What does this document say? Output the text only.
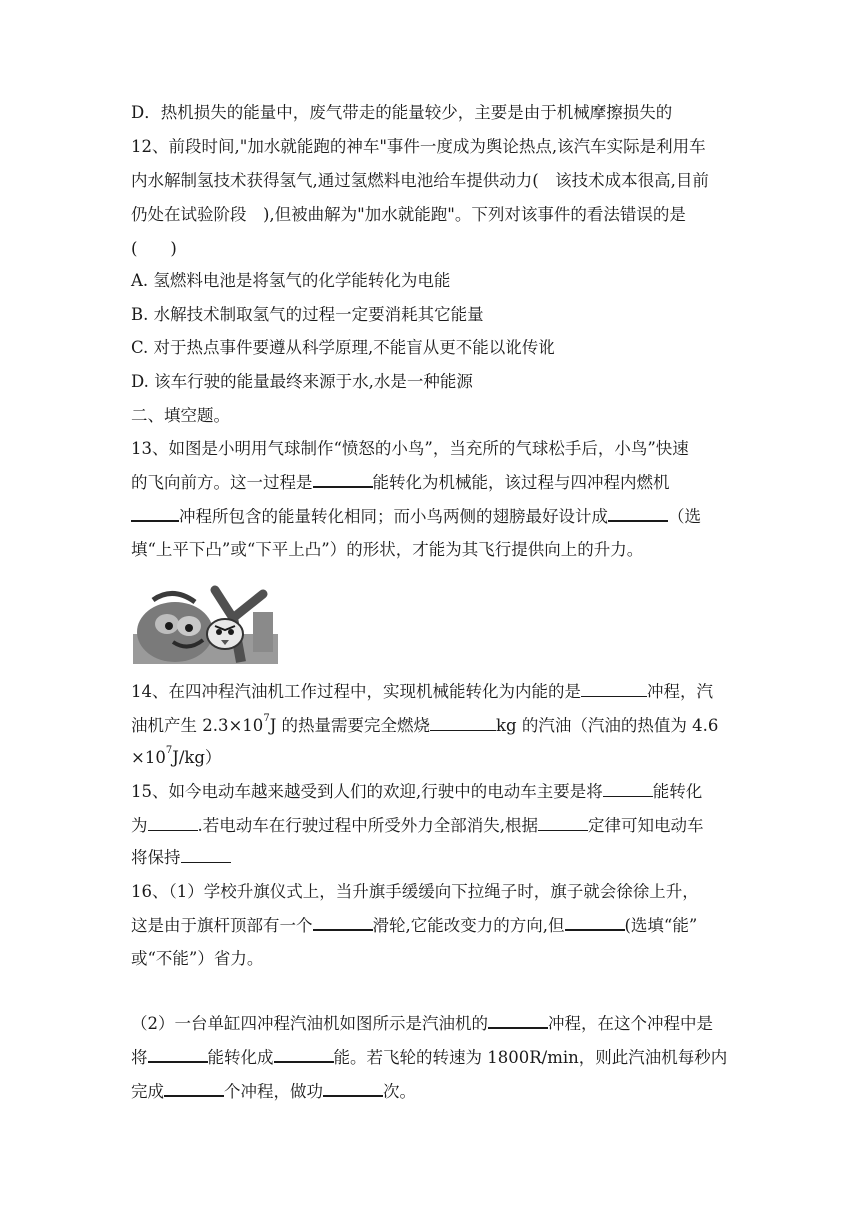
D．热机损失的能量中，废气带走的能量较少，主要是由于机械摩擦损失的
12、前段时间,"加水就能跑的神车"事件一度成为舆论热点,该汽车实际是利用车
内水解制氢技术获得氢气,通过氢燃料电池给车提供动力(　该技术成本很高,目前
仍处在试验阶段　),但被曲解为"加水就能跑"。下列对该事件的看法错误的是
(　　)
A. 氢燃料电池是将氢气的化学能转化为电能
B. 水解技术制取氢气的过程一定要消耗其它能量
C. 对于热点事件要遵从科学原理,不能盲从更不能以讹传讹
D. 该车行驶的能量最终来源于水,水是一种能源
二、填空题。
13、如图是小明用气球制作“愤怒的小鸟”，当充所的气球松手后，小鸟”快速
的飞向前方。这一过程是	能转化为机械能，该过程与四冲程内燃机
冲程所包含的能量转化相同；而小鸟两侧的翅膀最好设计成	（选
填“上平下凸”或“下平上凸”）的形状，才能为其飞行提供向上的升力。
14、在四冲程汽油机工作过程中，实现机械能转化为内能的是	冲程，汽
油机产生 $2.3\times 10^7J$ 的热量需要完全燃烧	kg 的汽油（汽油的热值为 4.6
$\times 10^7J/kg$）
15、如今电动车越来越受到人们的欢迎,行驶中的电动车主要是将	能转化
为	.若电动车在行驶过程中所受外力全部消失,根据	定律可知电动车
将保持
16、（1）学校升旗仪式上，当升旗手缓缓向下拉绳子时，旗子就会徐徐上升，
这是由于旗杆顶部有一个	滑轮,它能改变力的方向,但	(选填“能”
或“不能”）省力。
（2）一台单缸四冲程汽油机如图所示是汽油机的	冲程，在这个冲程中是
将	能转化成	能。若飞轮的转速为 1800R/min，则此汽油机每秒内
完成	个冲程，做功	次。
